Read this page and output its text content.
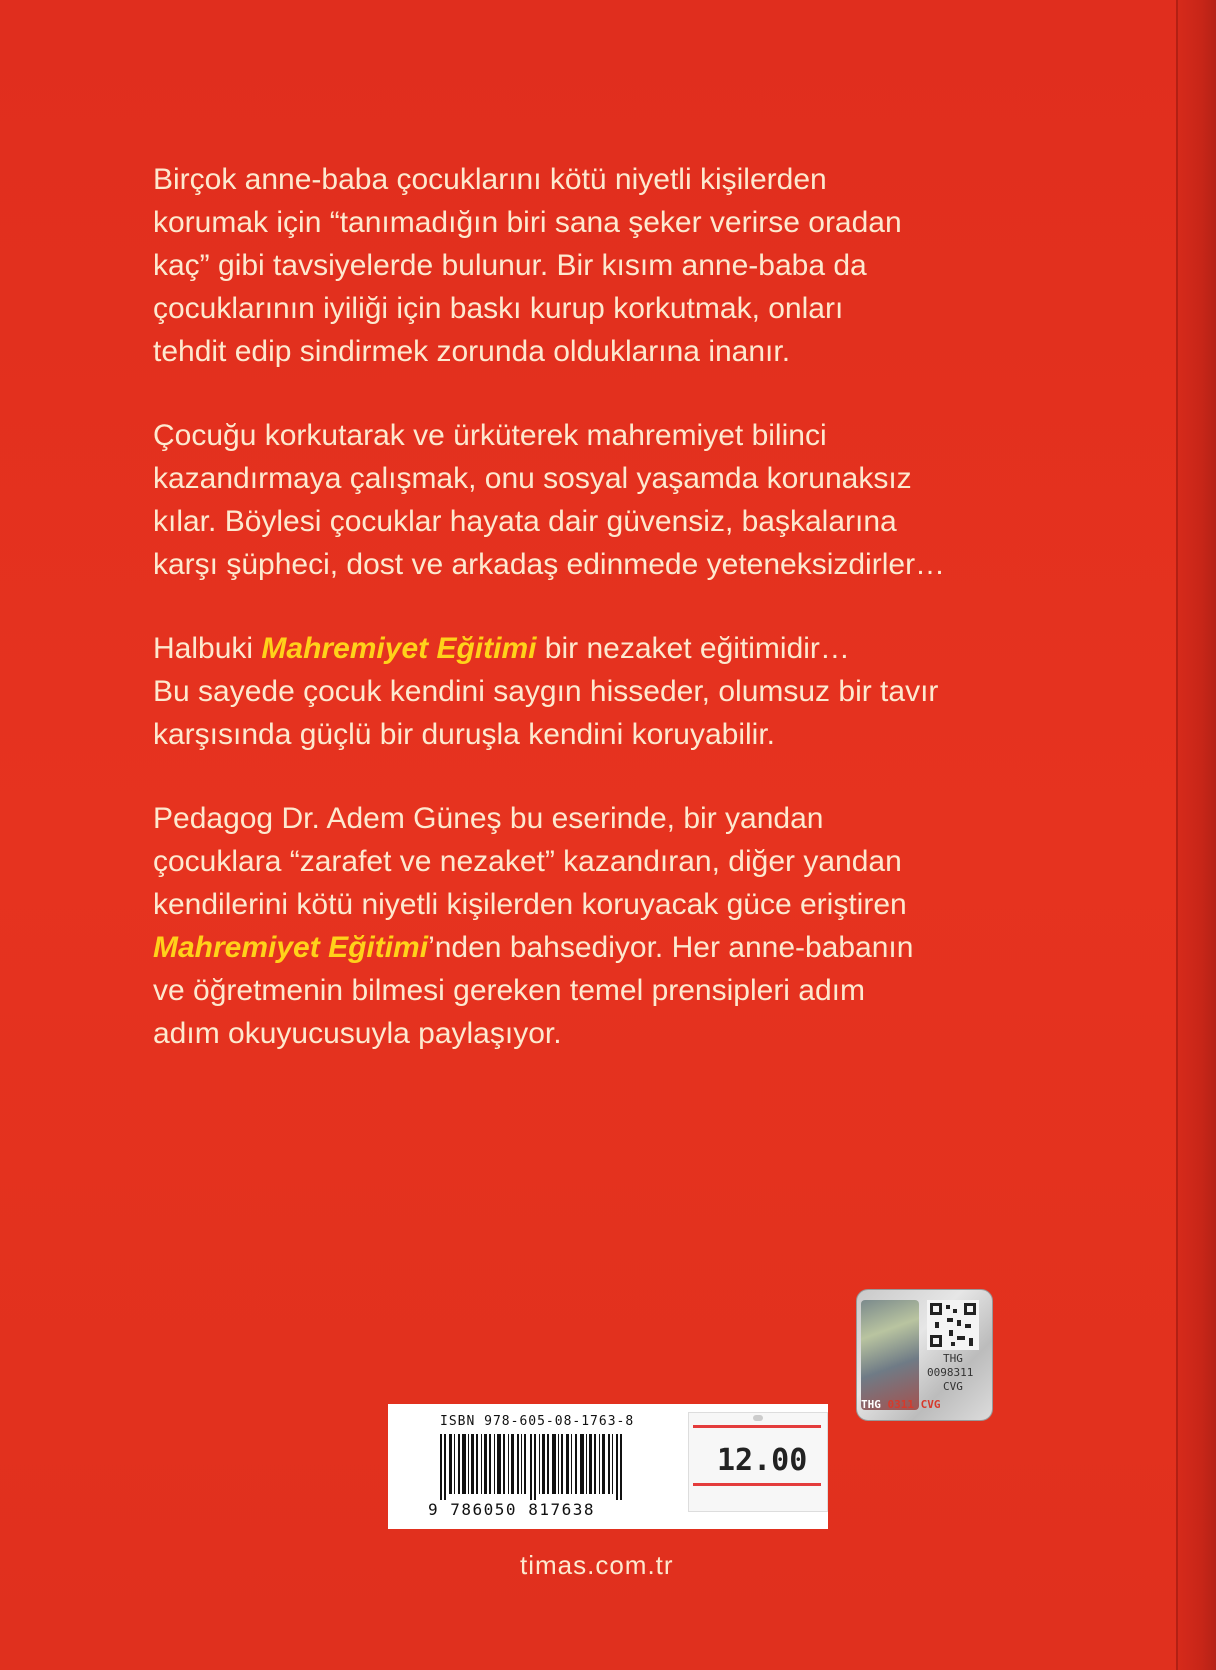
Birçok anne-baba çocuklarını kötü niyetli kişilerden
korumak için “tanımadığın biri sana şeker verirse oradan
kaç” gibi tavsiyelerde bulunur. Bir kısım anne-baba da
çocuklarının iyiliği için baskı kurup korkutmak, onları
tehdit edip sindirmek zorunda olduklarına inanır.
Çocuğu korkutarak ve ürküterek mahremiyet bilinci
kazandırmaya çalışmak, onu sosyal yaşamda korunaksız
kılar. Böylesi çocuklar hayata dair güvensiz, başkalarına
karşı şüpheci, dost ve arkadaş edinmede yeteneksizdirler…
Halbuki Mahremiyet Eğitimi bir nezaket eğitimidir…
Bu sayede çocuk kendini saygın hisseder, olumsuz bir tavır
karşısında güçlü bir duruşla kendini koruyabilir.
Pedagog Dr. Adem Güneş bu eserinde, bir yandan
çocuklara “zarafet ve nezaket” kazandıran, diğer yandan
kendilerini kötü niyetli kişilerden koruyacak güce eriştiren
Mahremiyet Eğitimi’nden bahsediyor. Her anne-babanın
ve öğretmenin bilmesi gereken temel prensipleri adım
adım okuyucusuyla paylaşıyor.
THG
0098311
CVG
THG 0311 CVG
ISBN 978-605-08-1763-8
9 786050 817638
12.00
timas.com.tr
